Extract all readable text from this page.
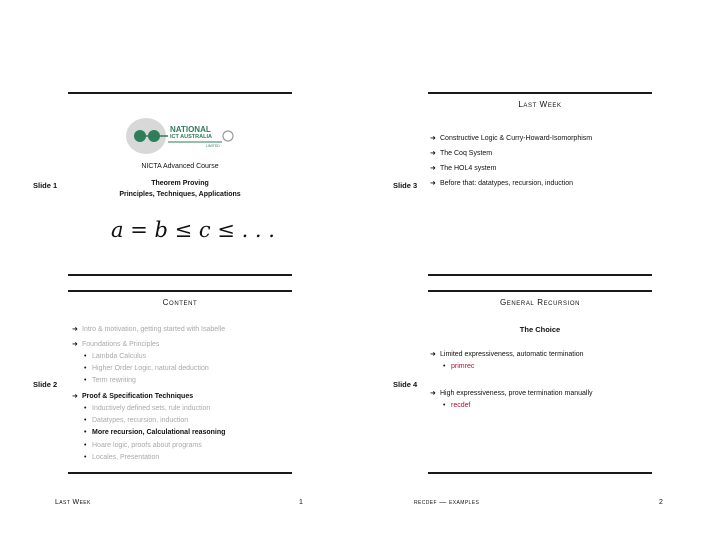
NATIONAL
ICT AUSTRALIA
LIMITED
NICTA Advanced Course
Slide 1	Theorem Proving
Principles, Techniques, Applications
a = b ≤ c ≤ . . .
Last Week
Slide 3
➜ Constructive Logic & Curry-Howard-Isomorphism
➜ The Coq System
➜ The HOL4 system
➜ Before that: datatypes, recursion, induction
Content
Slide 2
➜ Intro & motivation, getting started with Isabelle
➜ Foundations & Principles
• Lambda Calculus
• Higher Order Logic, natural deduction
• Term rewriting
➜ Proof & Specification Techniques
• Inductively defined sets, rule induction
• Datatypes, recursion, induction
• More recursion, Calculational reasoning
• Hoare logic, proofs about programs
• Locales, Presentation
General Recursion
The Choice
Slide 4
➜ Limited expressiveness, automatic termination
• primrec
➜ High expressiveness, prove termination manually
• recdef
Last Week	1	recdef — examples	2
